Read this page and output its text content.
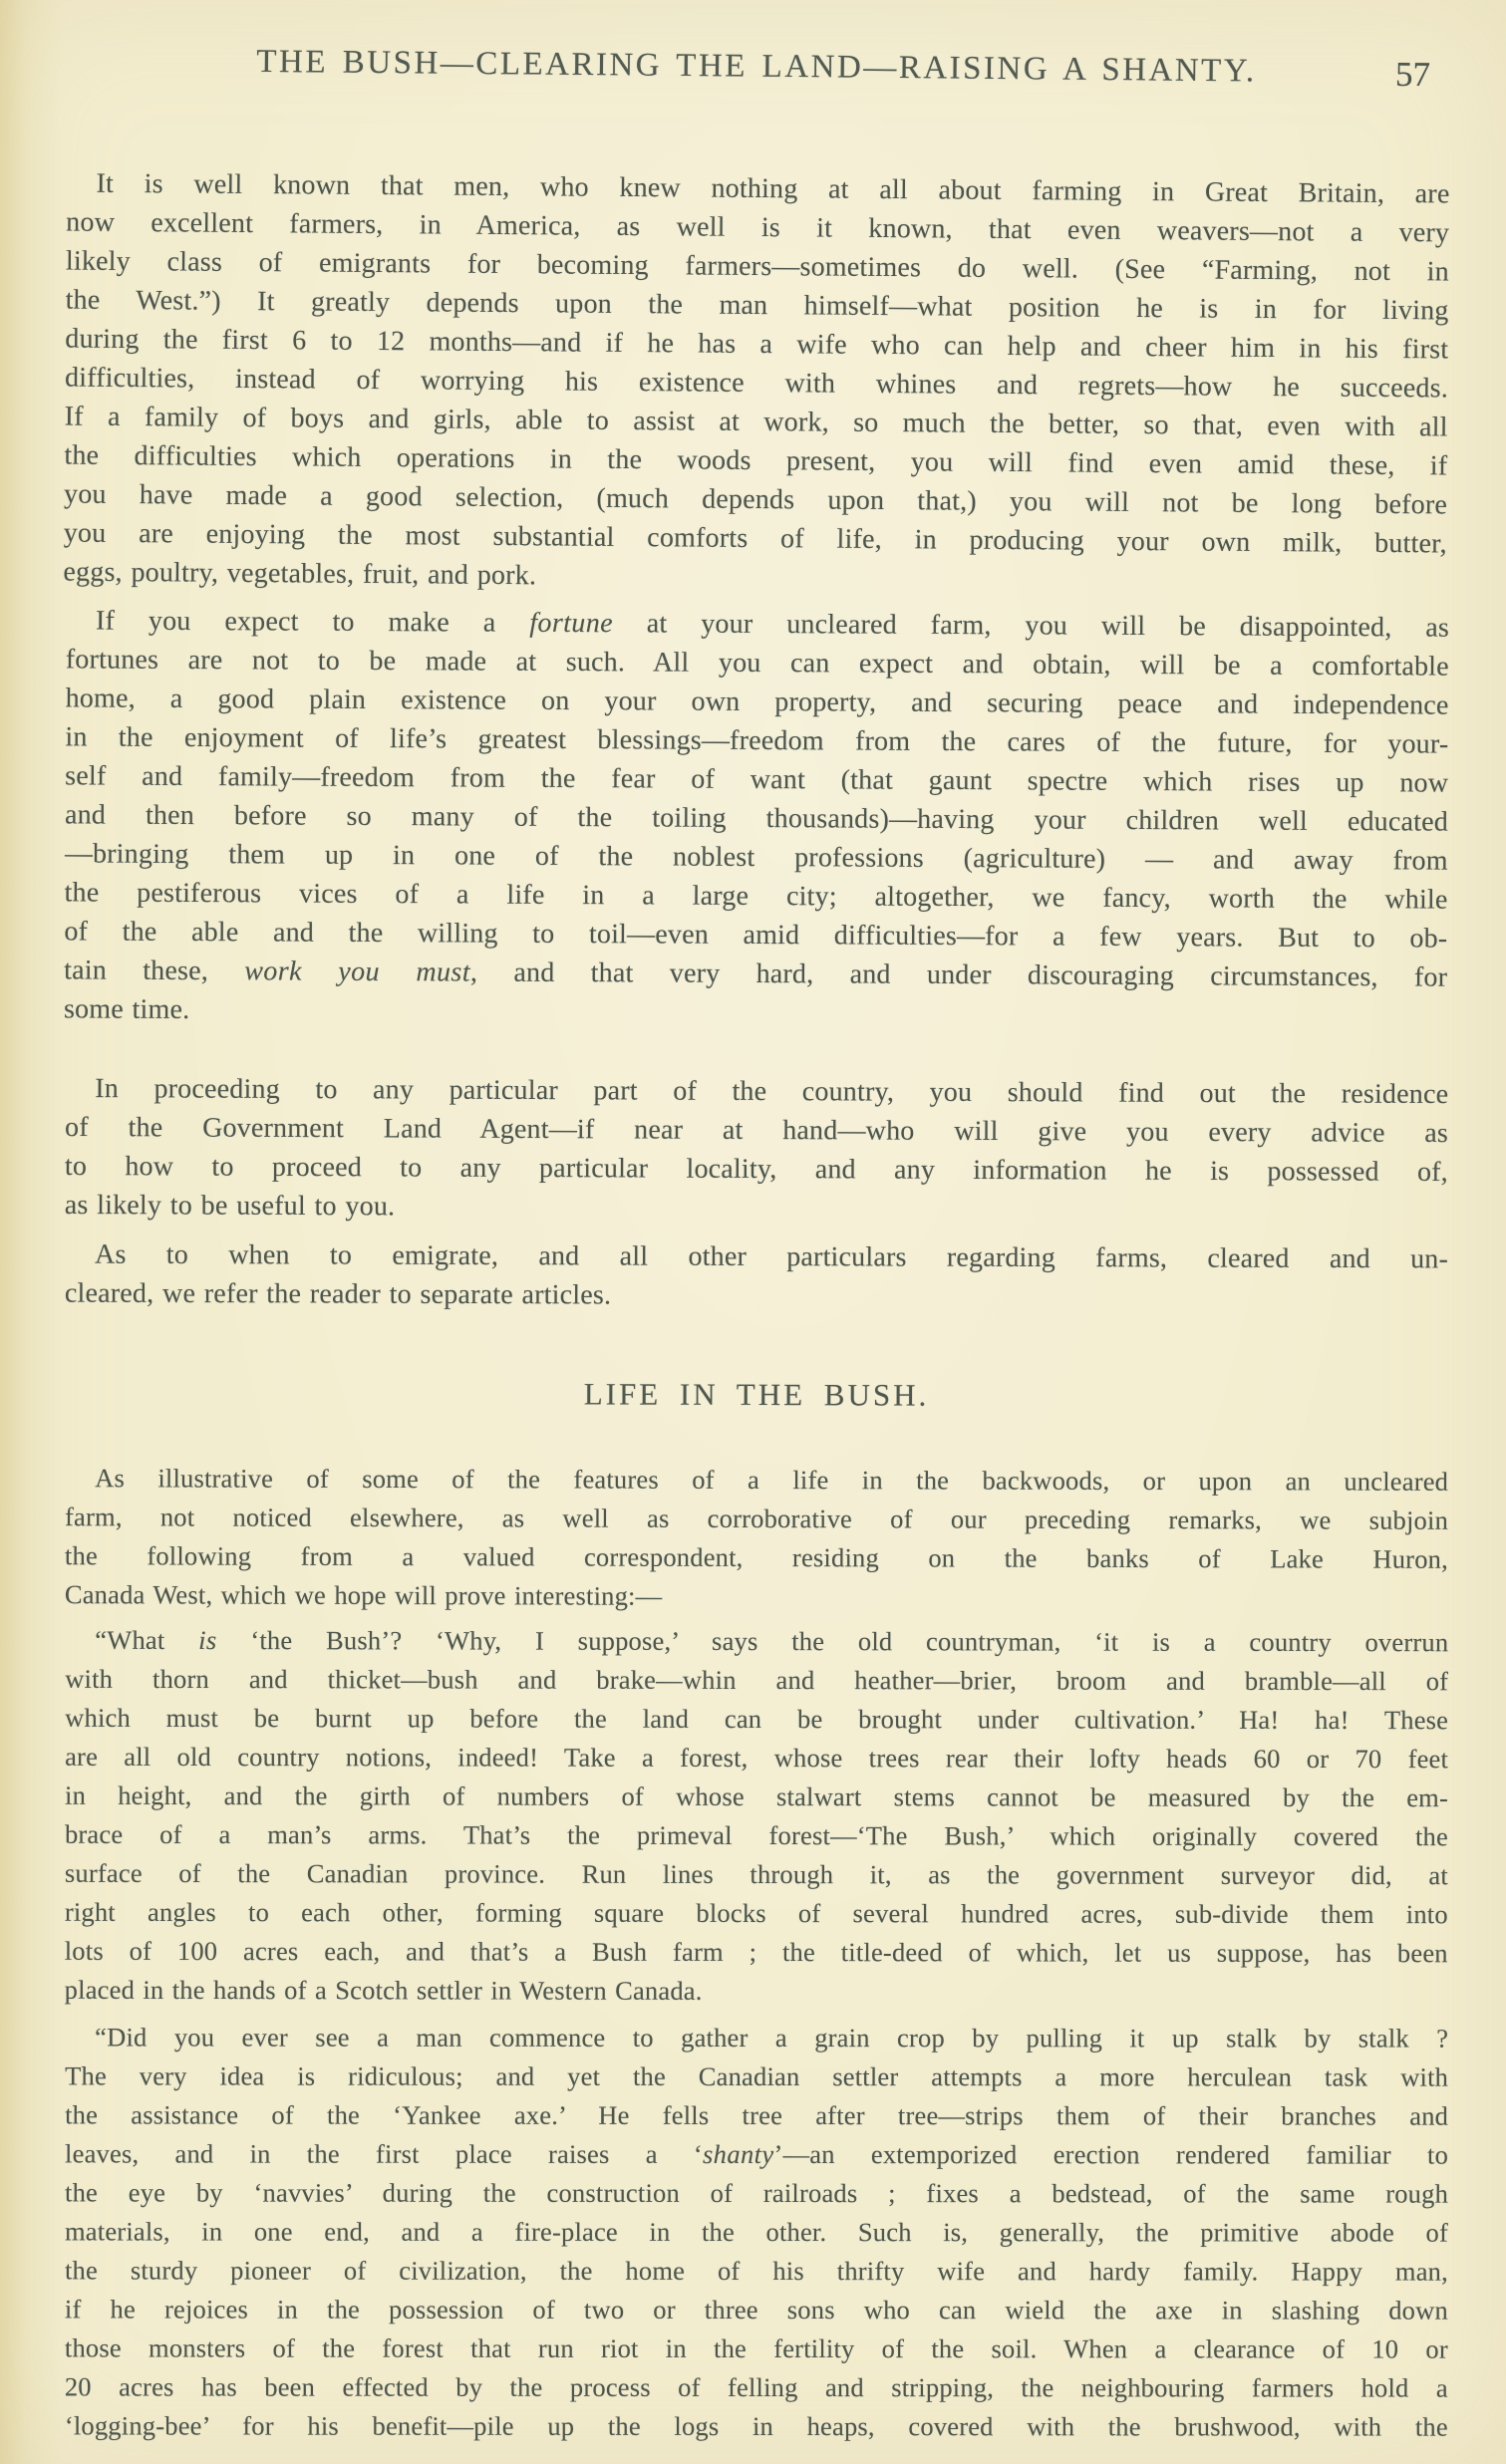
THE BUSH—CLEARING THE LAND—RAISING A SHANTY.	57
It is well known that men, who knew nothing at all about farming in Great Britain, are
now excellent farmers, in America, as well is it known, that even weavers—not a very
likely class of emigrants for becoming farmers—sometimes do well. (See “Farming, not in
the West.”) It greatly depends upon the man himself—what position he is in for living
during the first 6 to 12 months—and if he has a wife who can help and cheer him in his first
difficulties, instead of worrying his existence with whines and regrets—how he succeeds.
If a family of boys and girls, able to assist at work, so much the better, so that, even with all
the difficulties which operations in the woods present, you will find even amid these, if
you have made a good selection, (much depends upon that,) you will not be long before
you are enjoying the most substantial comforts of life, in producing your own milk, butter,
eggs, poultry, vegetables, fruit, and pork.
If you expect to make a fortune at your uncleared farm, you will be disappointed, as
fortunes are not to be made at such. All you can expect and obtain, will be a comfortable
home, a good plain existence on your own property, and securing peace and independence
in the enjoyment of life’s greatest blessings—freedom from the cares of the future, for your-
self and family—freedom from the fear of want (that gaunt spectre which rises up now
and then before so many of the toiling thousands)—having your children well educated
—bringing them up in one of the noblest professions (agriculture) — and away from
the pestiferous vices of a life in a large city; altogether, we fancy, worth the while
of the able and the willing to toil—even amid difficulties—for a few years. But to ob-
tain these, work you must, and that very hard, and under discouraging circumstances, for
some time.
In proceeding to any particular part of the country, you should find out the residence
of the Government Land Agent—if near at hand—who will give you every advice as
to how to proceed to any particular locality, and any information he is possessed of,
as likely to be useful to you.
As to when to emigrate, and all other particulars regarding farms, cleared and un-
cleared, we refer the reader to separate articles.
LIFE IN THE BUSH.
As illustrative of some of the features of a life in the backwoods, or upon an uncleared
farm, not noticed elsewhere, as well as corroborative of our preceding remarks, we subjoin
the following from a valued correspondent, residing on the banks of Lake Huron,
Canada West, which we hope will prove interesting:—
“What is ‘the Bush’? ‘Why, I suppose,’ says the old countryman, ‘it is a country overrun
with thorn and thicket—bush and brake—whin and heather—brier, broom and bramble—all of
which must be burnt up before the land can be brought under cultivation.’ Ha! ha! These
are all old country notions, indeed! Take a forest, whose trees rear their lofty heads 60 or 70 feet
in height, and the girth of numbers of whose stalwart stems cannot be measured by the em-
brace of a man’s arms. That’s the primeval forest—‘The Bush,’ which originally covered the
surface of the Canadian province. Run lines through it, as the government surveyor did, at
right angles to each other, forming square blocks of several hundred acres, sub-divide them into
lots of 100 acres each, and that’s a Bush farm ; the title-deed of which, let us suppose, has been
placed in the hands of a Scotch settler in Western Canada.
“Did you ever see a man commence to gather a grain crop by pulling it up stalk by stalk ?
The very idea is ridiculous; and yet the Canadian settler attempts a more herculean task with
the assistance of the ‘Yankee axe.’ He fells tree after tree—strips them of their branches and
leaves, and in the first place raises a ‘shanty’—an extemporized erection rendered familiar to
the eye by ‘navvies’ during the construction of railroads ; fixes a bedstead, of the same rough
materials, in one end, and a fire-place in the other. Such is, generally, the primitive abode of
the sturdy pioneer of civilization, the home of his thrifty wife and hardy family. Happy man,
if he rejoices in the possession of two or three sons who can wield the axe in slashing down
those monsters of the forest that run riot in the fertility of the soil. When a clearance of 10 or
20 acres has been effected by the process of felling and stripping, the neighbouring farmers hold a
‘logging-bee’ for his benefit—pile up the logs in heaps, covered with the brushwood, with the
